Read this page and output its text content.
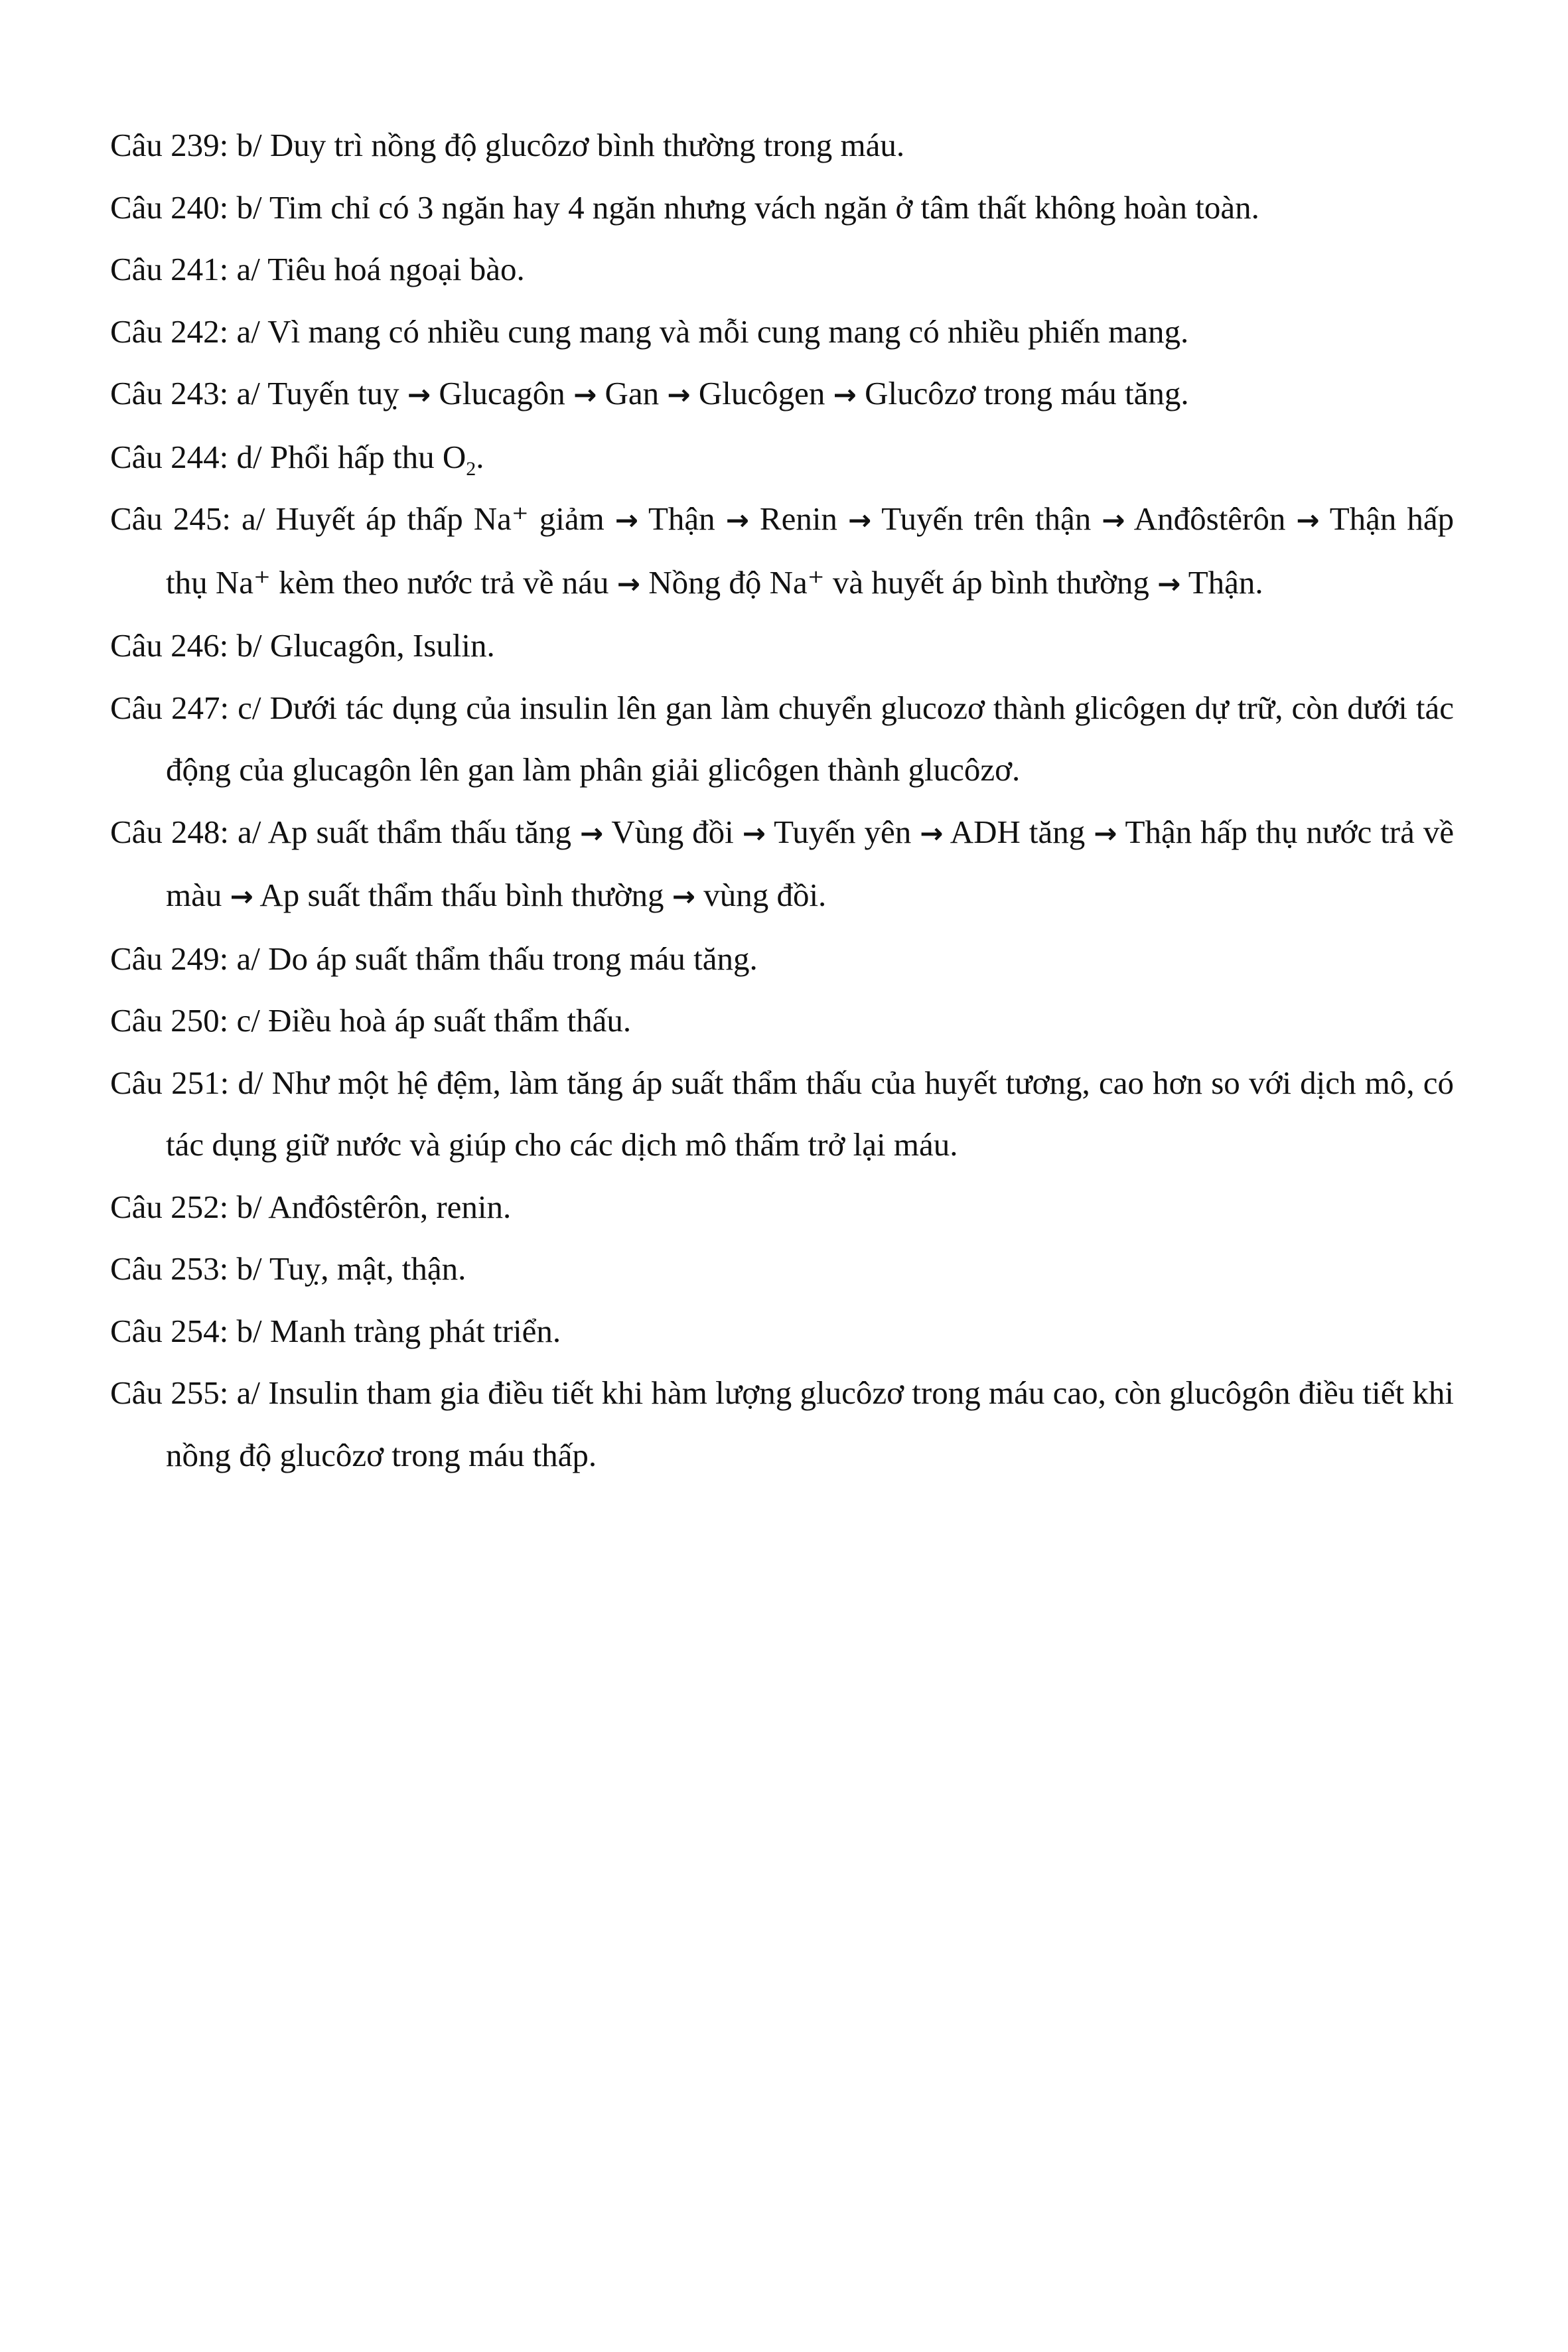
Câu 239: b/ Duy trì nồng độ glucôzơ bình thường trong máu.

Câu 240: b/ Tim chỉ có 3 ngăn hay 4 ngăn nhưng vách ngăn ở tâm thất không hoàn toàn.

Câu 241: a/ Tiêu hoá ngoại bào.

Câu 242: a/ Vì mang có nhiều cung mang và mỗi cung mang có nhiều phiến mang.

Câu 243: a/ Tuyến tuỵ → Glucagôn → Gan → Glucôgen → Glucôzơ trong máu tăng.

Câu 244: d/ Phổi hấp thu $O_2$.

Câu 245: a/ Huyết áp thấp Na⁺ giảm → Thận → Renin → Tuyến trên thận → Anđôstêrôn → Thận hấp thụ Na⁺ kèm theo nước trả về náu → Nồng độ Na⁺ và huyết áp bình thường → Thận.

Câu 246: b/ Glucagôn, Isulin.

Câu 247: c/ Dưới tác dụng của insulin lên gan làm chuyển glucozơ thành glicôgen dự trữ, còn dưới tác động của glucagôn lên gan làm phân giải glicôgen thành glucôzơ.

Câu 248: a/ Ap suất thẩm thấu tăng → Vùng đồi → Tuyến yên → ADH tăng → Thận hấp thụ nước trả về màu → Ap suất thẩm thấu bình thường → vùng đồi.

Câu 249: a/ Do áp suất thẩm thấu trong máu tăng.

Câu 250: c/ Điều hoà áp suất thẩm thấu.

Câu 251: d/ Như một hệ đệm, làm tăng áp suất thẩm thấu của huyết tương, cao hơn so với dịch mô, có tác dụng giữ nước và giúp cho các dịch mô thấm trở lại máu.

Câu 252: b/ Anđôstêrôn, renin.

Câu 253: b/ Tuỵ, mật, thận.

Câu 254: b/ Manh tràng phát triển.

Câu 255: a/ Insulin tham gia điều tiết khi hàm lượng glucôzơ trong máu cao, còn glucôgôn điều tiết khi nồng độ glucôzơ trong máu thấp.
